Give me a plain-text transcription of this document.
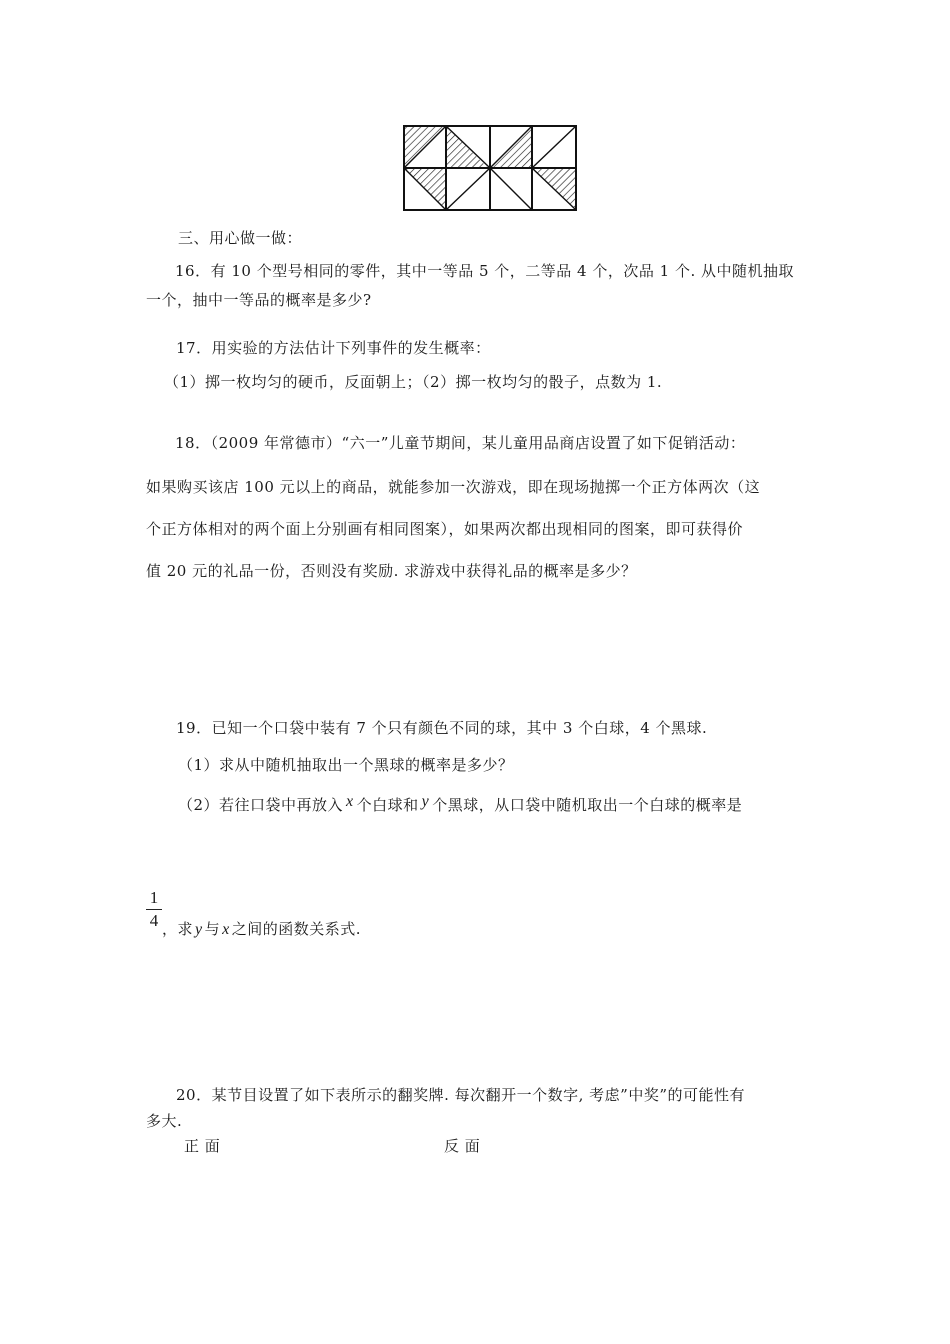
三、用心做一做：
16．有 10 个型号相同的零件，其中一等品 5 个，二等品 4 个，次品 1 个. 从中随机抽取
一个，抽中一等品的概率是多少?
17．用实验的方法估计下列事件的发生概率：
（1）掷一枚均匀的硬币，反面朝上；（2）掷一枚均匀的骰子，点数为 1.
18．（2009 年常德市）“六一”儿童节期间，某儿童用品商店设置了如下促销活动：
如果购买该店 100 元以上的商品，就能参加一次游戏，即在现场抛掷一个正方体两次（这
个正方体相对的两个面上分别画有相同图案），如果两次都出现相同的图案，即可获得价
值 20 元的礼品一份，否则没有奖励. 求游戏中获得礼品的概率是多少？
19．已知一个口袋中装有 7 个只有颜色不同的球，其中 3 个白球，4 个黑球.
（1）求从中随机抽取出一个黑球的概率是多少？
（2）若往口袋中再放入 x 个白球和 y 个黑球，从口袋中随机取出一个白球的概率是
1
4 ，求 y 与 x 之间的函数关系式.
20．某节目设置了如下表所示的翻奖牌. 每次翻开一个数字, 考虑”中奖”的可能性有
多大.
正 面	反 面
